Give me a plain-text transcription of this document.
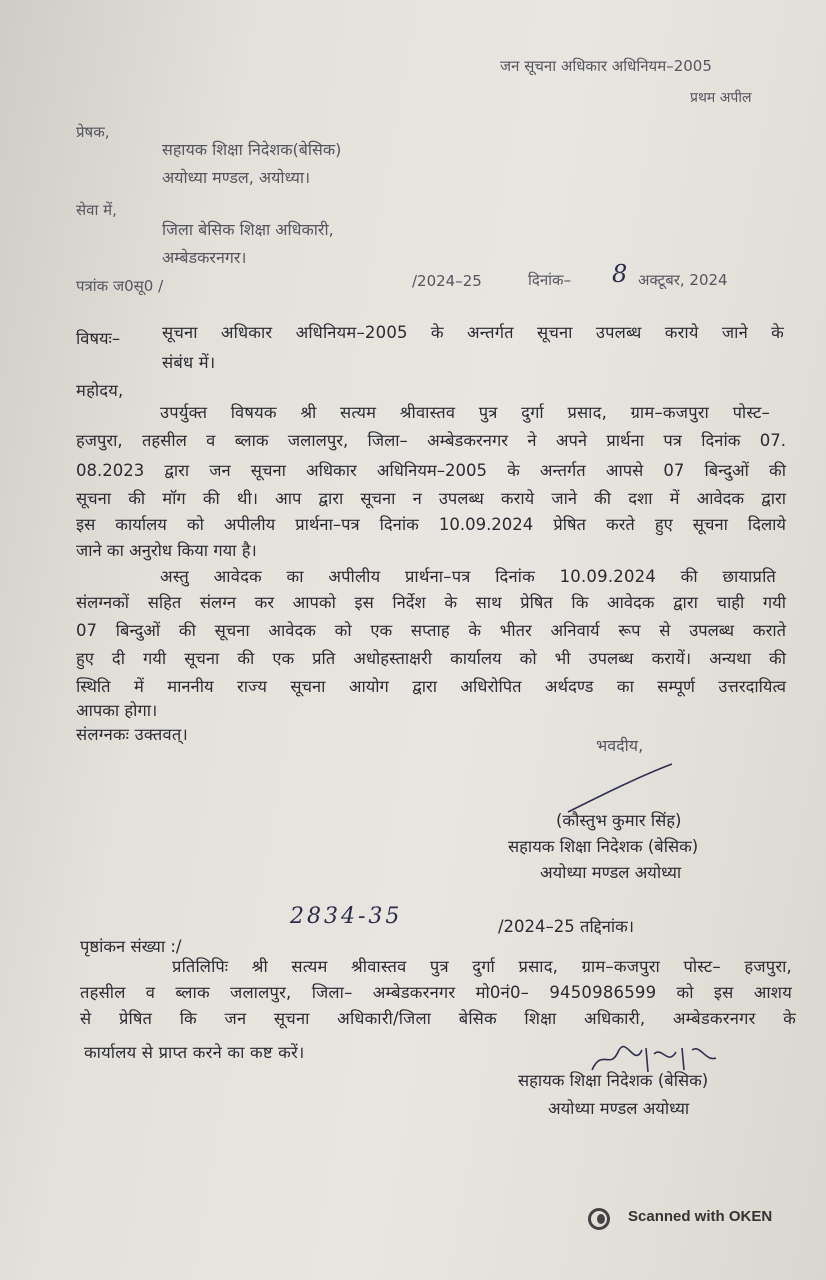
जन सूचना अधिकार अधिनियम–2005
प्रथम अपील
प्रेषक,
सहायक शिक्षा निदेशक(बेसिक)
अयोध्या मण्डल, अयोध्या।
सेवा में,
जिला बेसिक शिक्षा अधिकारी,
अम्बेडकरनगर।
पत्रांक ज0सू0 /	/2024–25	दिनांक– 8 अक्टूबर, 2024
विषयः–	सूचना अधिकार अधिनियम–2005 के अन्तर्गत सूचना उपलब्ध कराये जाने के
संबंध में।
महोदय,
उपर्युक्त विषयक श्री सत्यम श्रीवास्तव पुत्र दुर्गा प्रसाद, ग्राम–कजपुरा पोस्ट–
हजपुरा, तहसील व ब्लाक जलालपुर, जिला– अम्बेडकरनगर ने अपने प्रार्थना पत्र दिनांक 07.
08.2023 द्वारा जन सूचना अधिकार अधिनियम–2005 के अन्तर्गत आपसे 07 बिन्दुओं की
सूचना की मॉग की थी। आप द्वारा सूचना न उपलब्ध कराये जाने की दशा में आवेदक द्वारा
इस कार्यालय को अपीलीय प्रार्थना–पत्र दिनांक 10.09.2024 प्रेषित करते हुए सूचना दिलाये
जाने का अनुरोध किया गया है।
अस्तु आवेदक का अपीलीय प्रार्थना–पत्र दिनांक 10.09.2024 की छायाप्रति
संलग्नकों सहित संलग्न कर आपको इस निर्देश के साथ प्रेषित कि आवेदक द्वारा चाही गयी
07 बिन्दुओं की सूचना आवेदक को एक सप्ताह के भीतर अनिवार्य रूप से उपलब्ध कराते
हुए दी गयी सूचना की एक प्रति अधोहस्ताक्षरी कार्यालय को भी उपलब्ध करायें। अन्यथा की
स्थिति में माननीय राज्य सूचना आयोग द्वारा अधिरोपित अर्थदण्ड का सम्पूर्ण उत्तरदायित्व
आपका होगा।
संलग्नकः उक्तवत्।
भवदीय,
(कौस्तुभ कुमार सिंह)
सहायक शिक्षा निदेशक (बेसिक)
अयोध्या मण्डल अयोध्या
2834-35	/2024–25 तद्दिनांक।
पृष्ठांकन संख्या :/
प्रतिलिपिः श्री सत्यम श्रीवास्तव पुत्र दुर्गा प्रसाद, ग्राम–कजपुरा पोस्ट– हजपुरा,
तहसील व ब्लाक जलालपुर, जिला– अम्बेडकरनगर मो0नं0– 9450986599 को इस आशय
से प्रेषित कि जन सूचना अधिकारी/जिला बेसिक शिक्षा अधिकारी, अम्बेडकरनगर के
कार्यालय से प्राप्त करने का कष्ट करें।
सहायक शिक्षा निदेशक (बेसिक)
अयोध्या मण्डल अयोध्या
Scanned with OKEN
